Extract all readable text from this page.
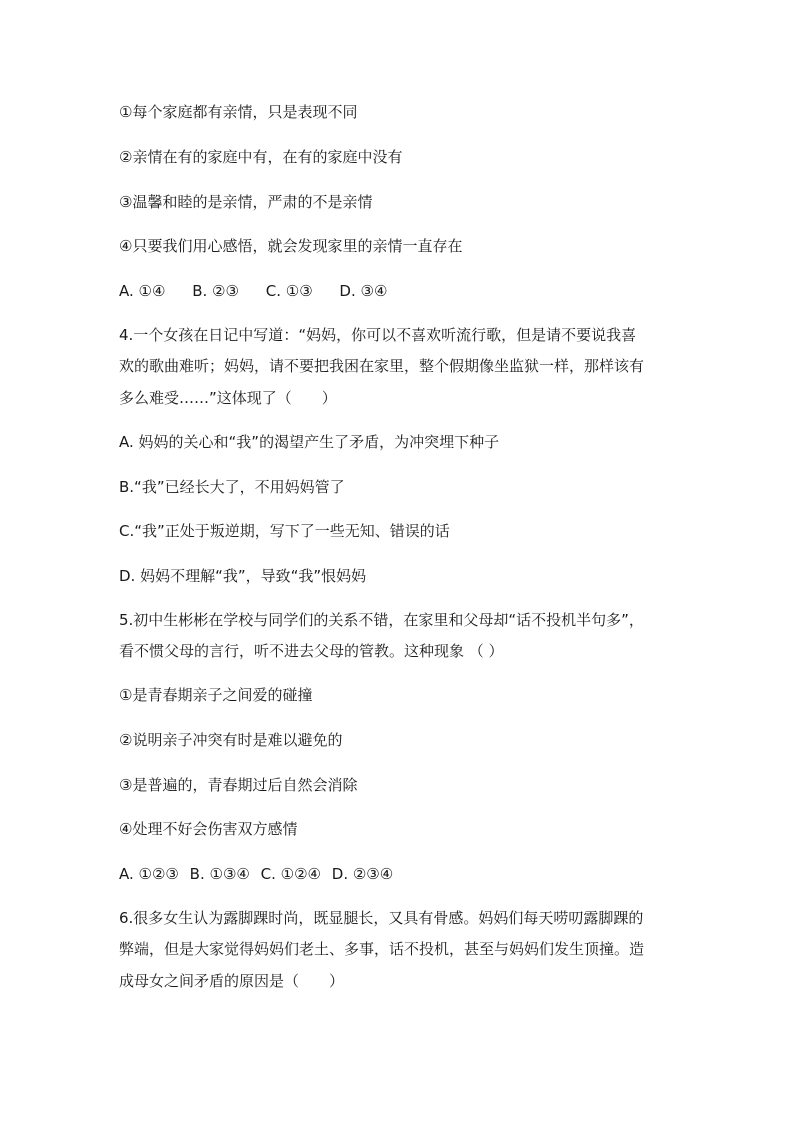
①每个家庭都有亲情，只是表现不同
②亲情在有的家庭中有，在有的家庭中没有
③温馨和睦的是亲情，严肃的不是亲情
④只要我们用心感悟，就会发现家里的亲情一直存在
A. ①④ B. ②③ C. ①③ D. ③④
4.一个女孩在日记中写道：“妈妈，你可以不喜欢听流行歌，但是请不要说我喜
欢的歌曲难听；妈妈，请不要把我困在家里，整个假期像坐监狱一样，那样该有
多么难受……”这体现了（　　）
A. 妈妈的关心和“我”的渴望产生了矛盾，为冲突埋下种子
B.“我”已经长大了，不用妈妈管了
C.“我”正处于叛逆期，写下了一些无知、错误的话
D. 妈妈不理解“我”，导致“我”恨妈妈
5.初中生彬彬在学校与同学们的关系不错，在家里和父母却“话不投机半句多”，
看不惯父母的言行，听不进去父母的管教。这种现象 （ ）
①是青春期亲子之间爱的碰撞
②说明亲子冲突有时是难以避免的
③是普遍的，青春期过后自然会消除
④处理不好会伤害双方感情
A. ①②③ B. ①③④ C. ①②④ D. ②③④
6.很多女生认为露脚踝时尚，既显腿长，又具有骨感。妈妈们每天唠叨露脚踝的
弊端，但是大家觉得妈妈们老土、多事，话不投机，甚至与妈妈们发生顶撞。造
成母女之间矛盾的原因是（　　）
